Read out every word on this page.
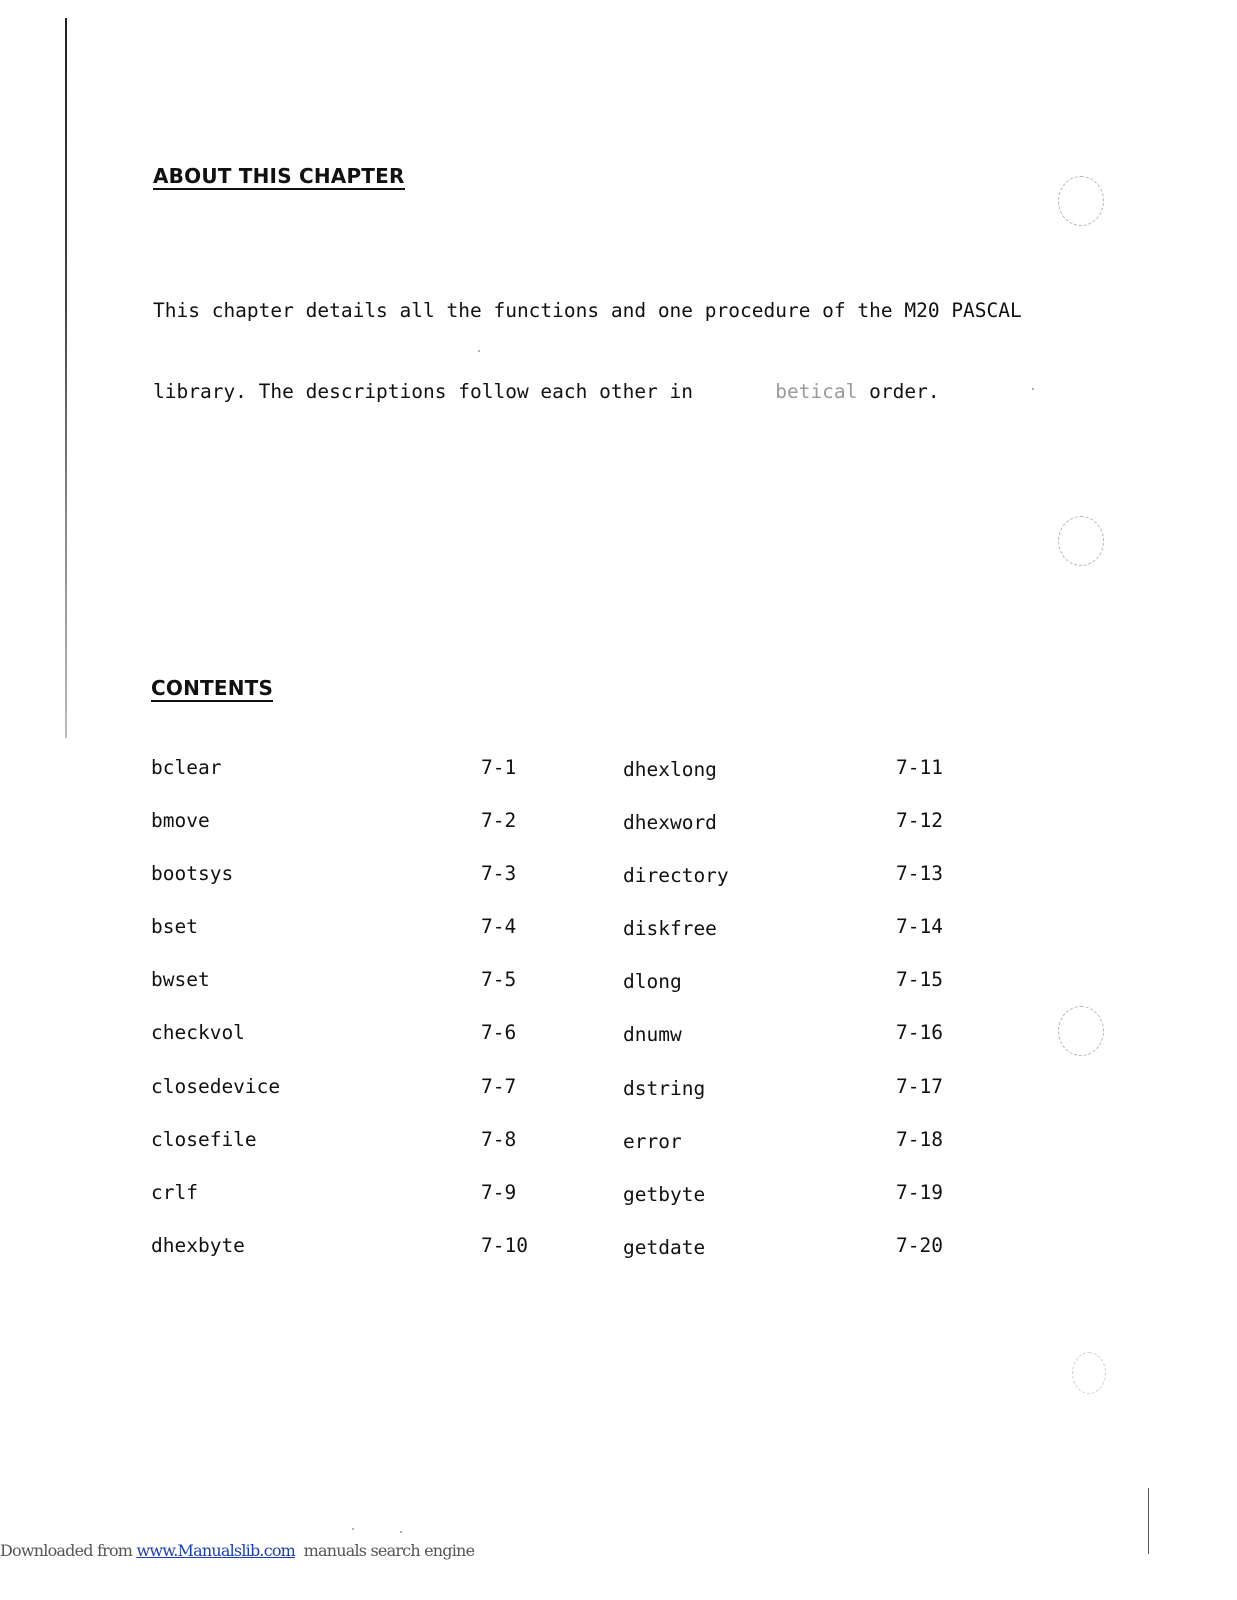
ABOUT THIS CHAPTER

This chapter details all the functions and one procedure of the M20 PASCAL

library. The descriptions follow each other in       betical order.

CONTENTS
bclear	7-1	dhexlong	7-11
bmove	7-2	dhexword	7-12
bootsys	7-3	directory	7-13
bset	7-4	diskfree	7-14
bwset	7-5	dlong	7-15
checkvol	7-6	dnumw	7-16
closedevice	7-7	dstring	7-17
closefile	7-8	error	7-18
crlf	7-9	getbyte	7-19
dhexbyte	7-10	getdate	7-20
Downloaded from www.Manualslib.com  manuals search engine
